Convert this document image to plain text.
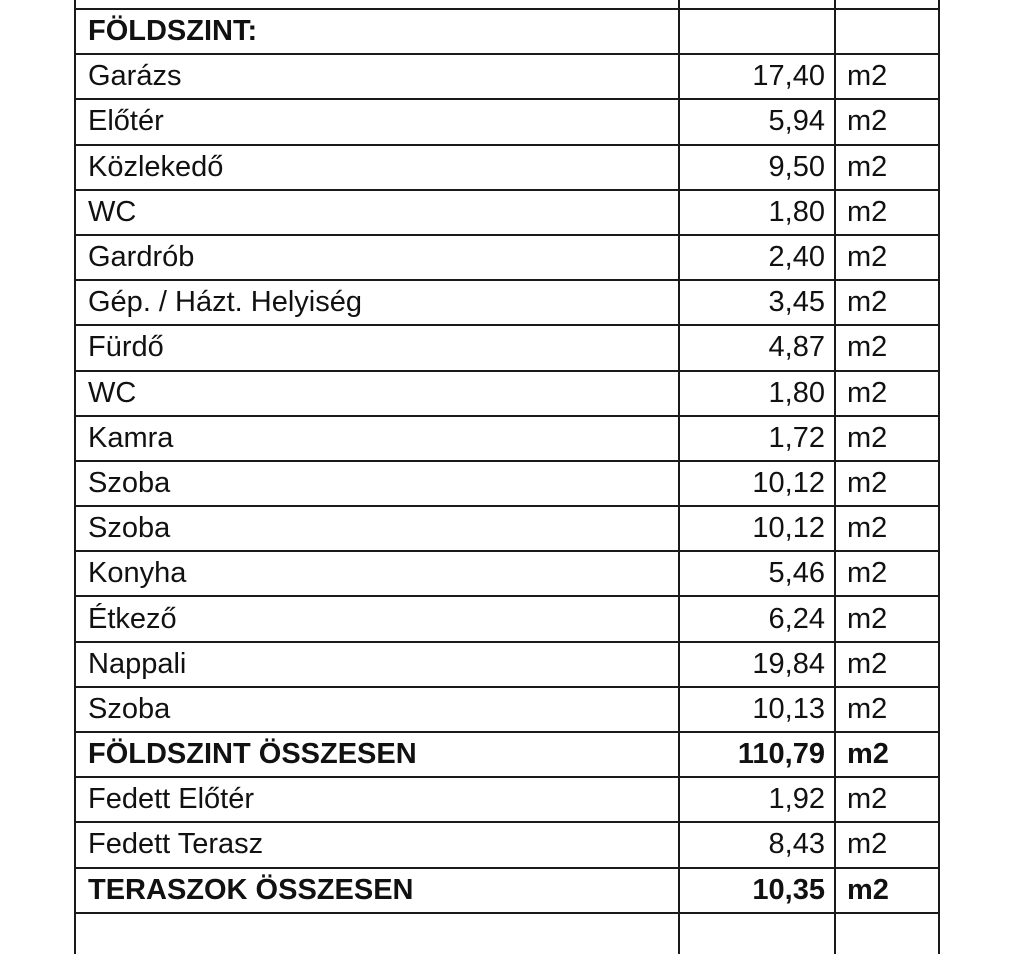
FÖLDSZINT:		
Garázs	17,40	m2
Előtér	5,94	m2
Közlekedő	9,50	m2
WC	1,80	m2
Gardrób	2,40	m2
Gép. / Házt. Helyiség	3,45	m2
Fürdő	4,87	m2
WC	1,80	m2
Kamra	1,72	m2
Szoba	10,12	m2
Szoba	10,12	m2
Konyha	5,46	m2
Étkező	6,24	m2
Nappali	19,84	m2
Szoba	10,13	m2
FÖLDSZINT ÖSSZESEN	110,79	m2
Fedett Előtér	1,92	m2
Fedett Terasz	8,43	m2
TERASZOK ÖSSZESEN	10,35	m2
